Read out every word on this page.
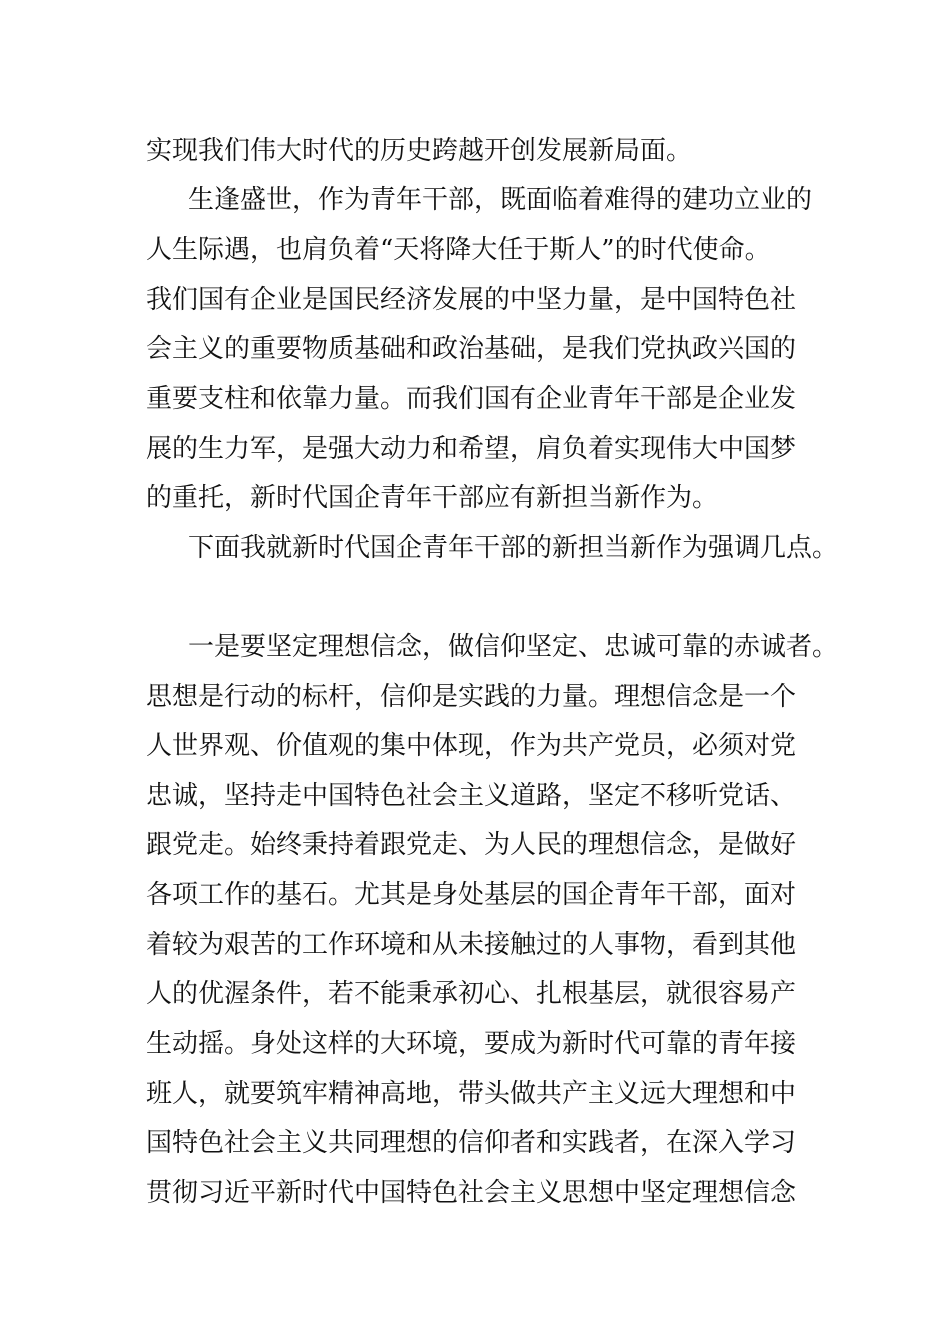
实现我们伟大时代的历史跨越开创发展新局面。

生逢盛世，作为青年干部，既面临着难得的建功立业的

人生际遇，也肩负着“天将降大任于斯人”的时代使命。

我们国有企业是国民经济发展的中坚力量，是中国特色社

会主义的重要物质基础和政治基础，是我们党执政兴国的

重要支柱和依靠力量。而我们国有企业青年干部是企业发

展的生力军，是强大动力和希望，肩负着实现伟大中国梦

的重托，新时代国企青年干部应有新担当新作为。

下面我就新时代国企青年干部的新担当新作为强调几点。

一是要坚定理想信念，做信仰坚定、忠诚可靠的赤诚者。

思想是行动的标杆，信仰是实践的力量。理想信念是一个

人世界观、价值观的集中体现，作为共产党员，必须对党

忠诚，坚持走中国特色社会主义道路，坚定不移听党话、

跟党走。始终秉持着跟党走、为人民的理想信念，是做好

各项工作的基石。尤其是身处基层的国企青年干部，面对

着较为艰苦的工作环境和从未接触过的人事物，看到其他

人的优渥条件，若不能秉承初心、扎根基层，就很容易产

生动摇。身处这样的大环境，要成为新时代可靠的青年接

班人，就要筑牢精神高地，带头做共产主义远大理想和中

国特色社会主义共同理想的信仰者和实践者，在深入学习

贯彻习近平新时代中国特色社会主义思想中坚定理想信念
